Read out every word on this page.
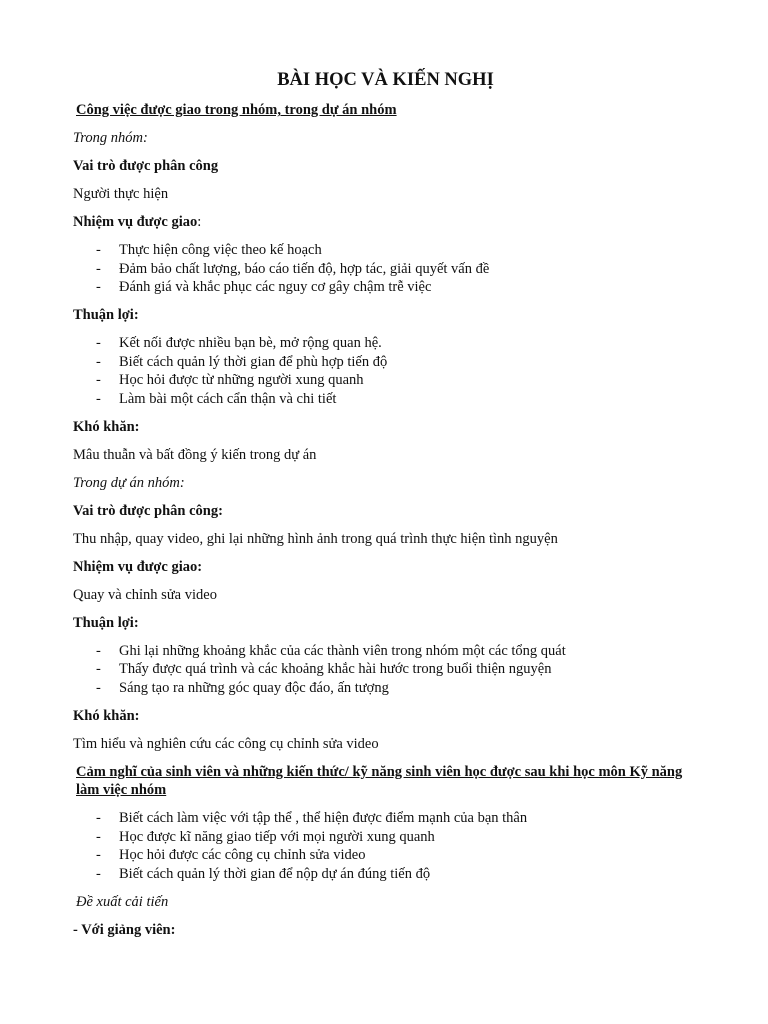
BÀI HỌC VÀ KIẾN NGHỊ

Công việc được giao trong nhóm, trong dự án nhóm

Trong nhóm:

Vai trò được phân công

Người thực hiện

Nhiệm vụ được giao:

- Thực hiện công việc theo kế hoạch
- Đảm bảo chất lượng, báo cáo tiến độ, hợp tác, giải quyết vấn đề
- Đánh giá và khắc phục các nguy cơ gây chậm trễ việc

Thuận lợi:

- Kết nối được nhiều bạn bè, mở rộng quan hệ.
- Biết cách quản lý thời gian để phù hợp tiến độ
- Học hỏi được từ những người xung quanh
- Làm bài một cách cẩn thận và chi tiết

Khó khăn:

Mâu thuẫn và bất đồng ý kiến trong dự án

Trong dự án nhóm:

Vai trò được phân công:

Thu nhập, quay video, ghi lại những hình ảnh trong quá trình thực hiện tình nguyện

Nhiệm vụ được giao:

Quay và chỉnh sửa video

Thuận lợi:

- Ghi lại những khoảng khắc của các thành viên trong nhóm một các tổng quát
- Thấy được quá trình và các khoảng khắc hài hước trong buổi thiện nguyện
- Sáng tạo ra những góc quay độc đáo, ấn tượng

Khó khăn:

Tìm hiểu và nghiên cứu các công cụ chỉnh sửa video

Cảm nghĩ của sinh viên và những kiến thức/ kỹ năng sinh viên học được sau khi học môn Kỹ năng làm việc nhóm

- Biết cách làm việc với tập thể , thể hiện được điểm mạnh của bạn thân
- Học được kĩ năng giao tiếp với mọi người xung quanh
- Học hỏi được các công cụ chỉnh sửa video
- Biết cách quản lý thời gian để nộp dự án đúng tiến độ

Đề xuất cải tiến

- Với giảng viên:
